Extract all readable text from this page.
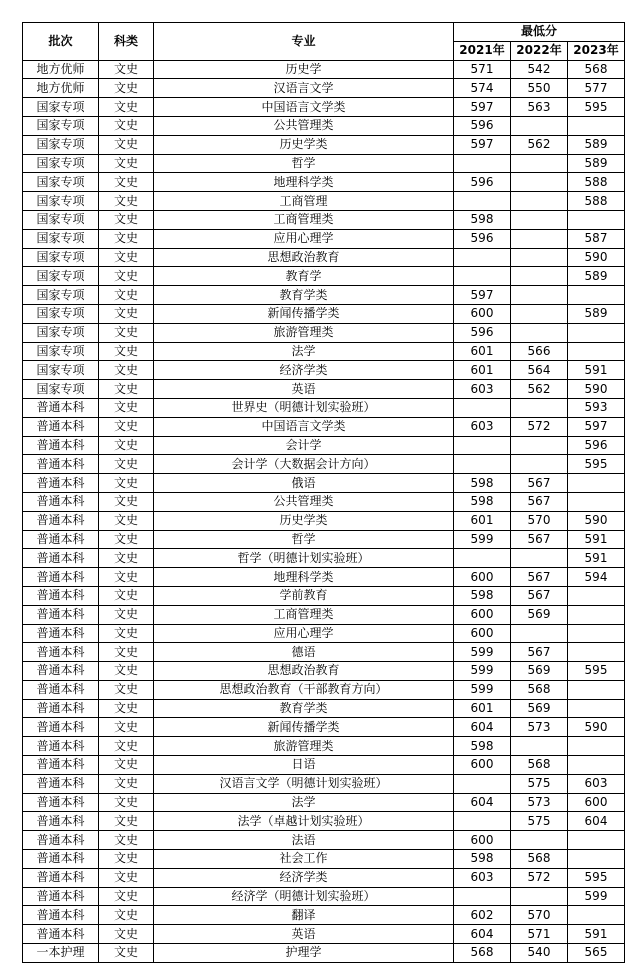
批次	科类	专业	最低分		
			2021年	2022年	2023年
地方优师	文史	历史学	571	542	568
地方优师	文史	汉语言文学	574	550	577
国家专项	文史	中国语言文学类	597	563	595
国家专项	文史	公共管理类	596		
国家专项	文史	历史学类	597	562	589
国家专项	文史	哲学			589
国家专项	文史	地理科学类	596		588
国家专项	文史	工商管理			588
国家专项	文史	工商管理类	598		
国家专项	文史	应用心理学	596		587
国家专项	文史	思想政治教育			590
国家专项	文史	教育学			589
国家专项	文史	教育学类	597		
国家专项	文史	新闻传播学类	600		589
国家专项	文史	旅游管理类	596		
国家专项	文史	法学	601	566	
国家专项	文史	经济学类	601	564	591
国家专项	文史	英语	603	562	590
普通本科	文史	世界史（明德计划实验班）			593
普通本科	文史	中国语言文学类	603	572	597
普通本科	文史	会计学			596
普通本科	文史	会计学（大数据会计方向）			595
普通本科	文史	俄语	598	567	
普通本科	文史	公共管理类	598	567	
普通本科	文史	历史学类	601	570	590
普通本科	文史	哲学	599	567	591
普通本科	文史	哲学（明德计划实验班）			591
普通本科	文史	地理科学类	600	567	594
普通本科	文史	学前教育	598	567	
普通本科	文史	工商管理类	600	569	
普通本科	文史	应用心理学	600		
普通本科	文史	德语	599	567	
普通本科	文史	思想政治教育	599	569	595
普通本科	文史	思想政治教育（干部教育方向）	599	568	
普通本科	文史	教育学类	601	569	
普通本科	文史	新闻传播学类	604	573	590
普通本科	文史	旅游管理类	598		
普通本科	文史	日语	600	568	
普通本科	文史	汉语言文学（明德计划实验班）		575	603
普通本科	文史	法学	604	573	600
普通本科	文史	法学（卓越计划实验班）		575	604
普通本科	文史	法语	600		
普通本科	文史	社会工作	598	568	
普通本科	文史	经济学类	603	572	595
普通本科	文史	经济学（明德计划实验班）			599
普通本科	文史	翻译	602	570	
普通本科	文史	英语	604	571	591
一本护理	文史	护理学	568	540	565
